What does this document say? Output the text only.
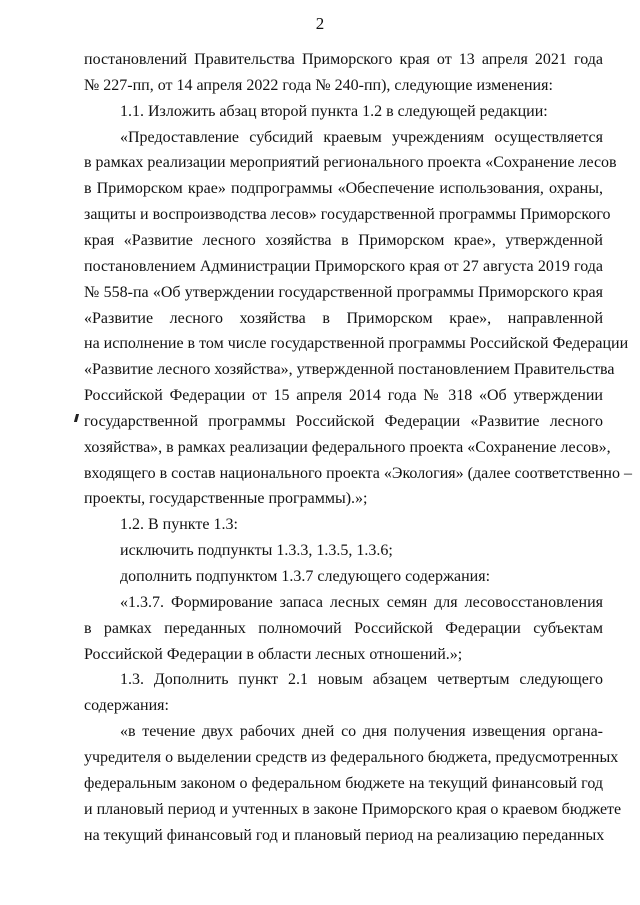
2
постановлений Правительства Приморского края от 13 апреля 2021 года
№ 227-пп, от 14 апреля 2022 года № 240-пп), следующие изменения:
1.1. Изложить абзац второй пункта 1.2 в следующей редакции:
«Предоставление субсидий краевым учреждениям осуществляется
в рамках реализации мероприятий регионального проекта «Сохранение лесов
в Приморском крае» подпрограммы «Обеспечение использования, охраны,
защиты и воспроизводства лесов» государственной программы Приморского
края «Развитие лесного хозяйства в Приморском крае», утвержденной
постановлением Администрации Приморского края от 27 августа 2019 года
№ 558-па «Об утверждении государственной программы Приморского края
«Развитие лесного хозяйства в Приморском крае», направленной
на исполнение в том числе государственной программы Российской Федерации
«Развитие лесного хозяйства», утвержденной постановлением Правительства
Российской Федерации от 15 апреля 2014 года № 318 «Об утверждении
государственной программы Российской Федерации «Развитие лесного
хозяйства», в рамках реализации федерального проекта «Сохранение лесов»,
входящего в состав национального проекта «Экология» (далее соответственно –
проекты, государственные программы).»;
1.2. В пункте 1.3:
исключить подпункты 1.3.3, 1.3.5, 1.3.6;
дополнить подпунктом 1.3.7 следующего содержания:
«1.3.7. Формирование запаса лесных семян для лесовосстановления
в рамках переданных полномочий Российской Федерации субъектам
Российской Федерации в области лесных отношений.»;
1.3. Дополнить пункт 2.1 новым абзацем четвертым следующего
содержания:
«в течение двух рабочих дней со дня получения извещения органа-
учредителя о выделении средств из федерального бюджета, предусмотренных
федеральным законом о федеральном бюджете на текущий финансовый год
и плановый период и учтенных в законе Приморского края о краевом бюджете
на текущий финансовый год и плановый период на реализацию переданных
